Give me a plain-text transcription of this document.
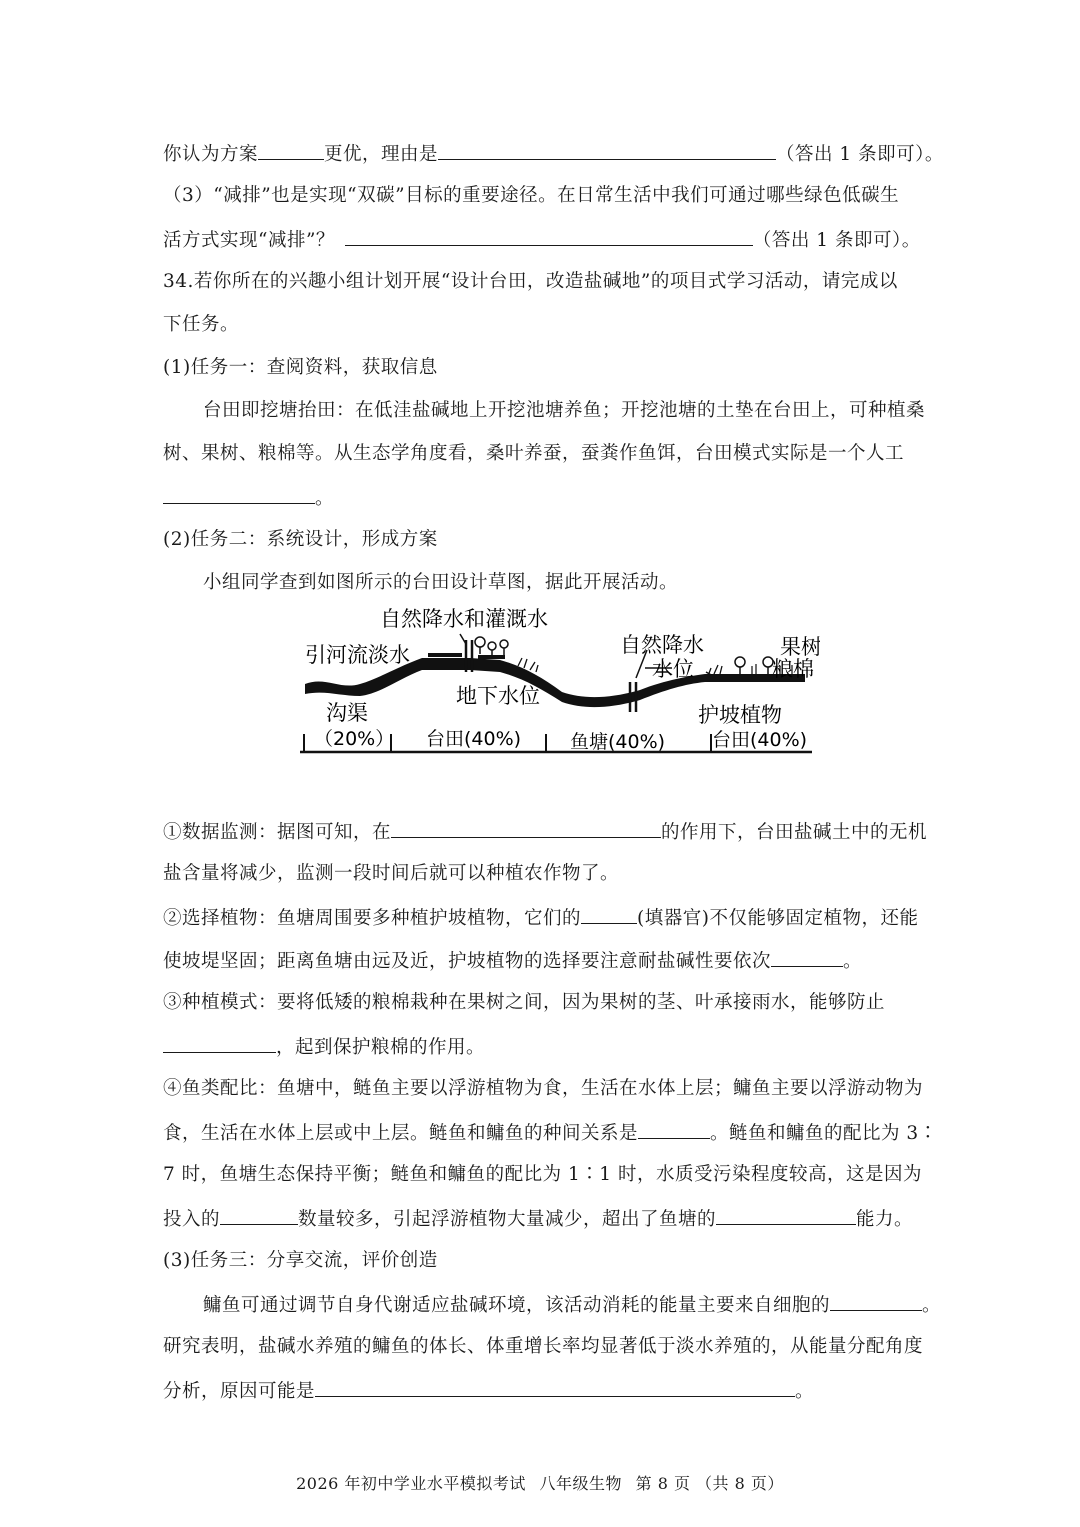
你认为方案	更优，理由是	（答出 1 条即可）。
（3）“减排”也是实现“双碳”目标的重要途径。在日常生活中我们可通过哪些绿色低碳生
活方式实现“减排”？	（答出 1 条即可）。
34.若你所在的兴趣小组计划开展“设计台田，改造盐碱地”的项目式学习活动，请完成以
下任务。
(1)任务一：查阅资料，获取信息
台田即挖塘抬田：在低洼盐碱地上开挖池塘养鱼；开挖池塘的土垫在台田上，可种植桑
树、果树、粮棉等。从生态学角度看，桑叶养蚕，蚕粪作鱼饵，台田模式实际是一个人工
。
(2)任务二：系统设计，形成方案
小组同学查到如图所示的台田设计草图，据此开展活动。
自然降水和灌溉水
引河流淡水	自然降水
水位
果树
粮棉
地下水位
护坡植物
沟渠
（20%） 台田(40%)	鱼塘(40%) 台田(40%)
①数据监测：据图可知，在	的作用下，台田盐碱土中的无机
盐含量将减少，监测一段时间后就可以种植农作物了。
②选择植物：鱼塘周围要多种植护坡植物，它们的	(填器官)不仅能够固定植物，还能
使坡堤坚固；距离鱼塘由远及近，护坡植物的选择要注意耐盐碱性要依次	。
③种植模式：要将低矮的粮棉栽种在果树之间，因为果树的茎、叶承接雨水，能够防止
，起到保护粮棉的作用。
④鱼类配比：鱼塘中，鲢鱼主要以浮游植物为食，生活在水体上层；鳙鱼主要以浮游动物为
食，生活在水体上层或中上层。鲢鱼和鳙鱼的种间关系是	。鲢鱼和鳙鱼的配比为 3∶
7 时，鱼塘生态保持平衡；鲢鱼和鳙鱼的配比为 1∶1 时，水质受污染程度较高，这是因为
投入的	数量较多，引起浮游植物大量减少，超出了鱼塘的	能力。
(3)任务三：分享交流，评价创造
鳙鱼可通过调节自身代谢适应盐碱环境，该活动消耗的能量主要来自细胞的	。
研究表明，盐碱水养殖的鳙鱼的体长、体重增长率均显著低于淡水养殖的，从能量分配角度
分析，原因可能是	。
2026 年初中学业水平模拟考试 八年级生物 第 8 页 （共 8 页）
